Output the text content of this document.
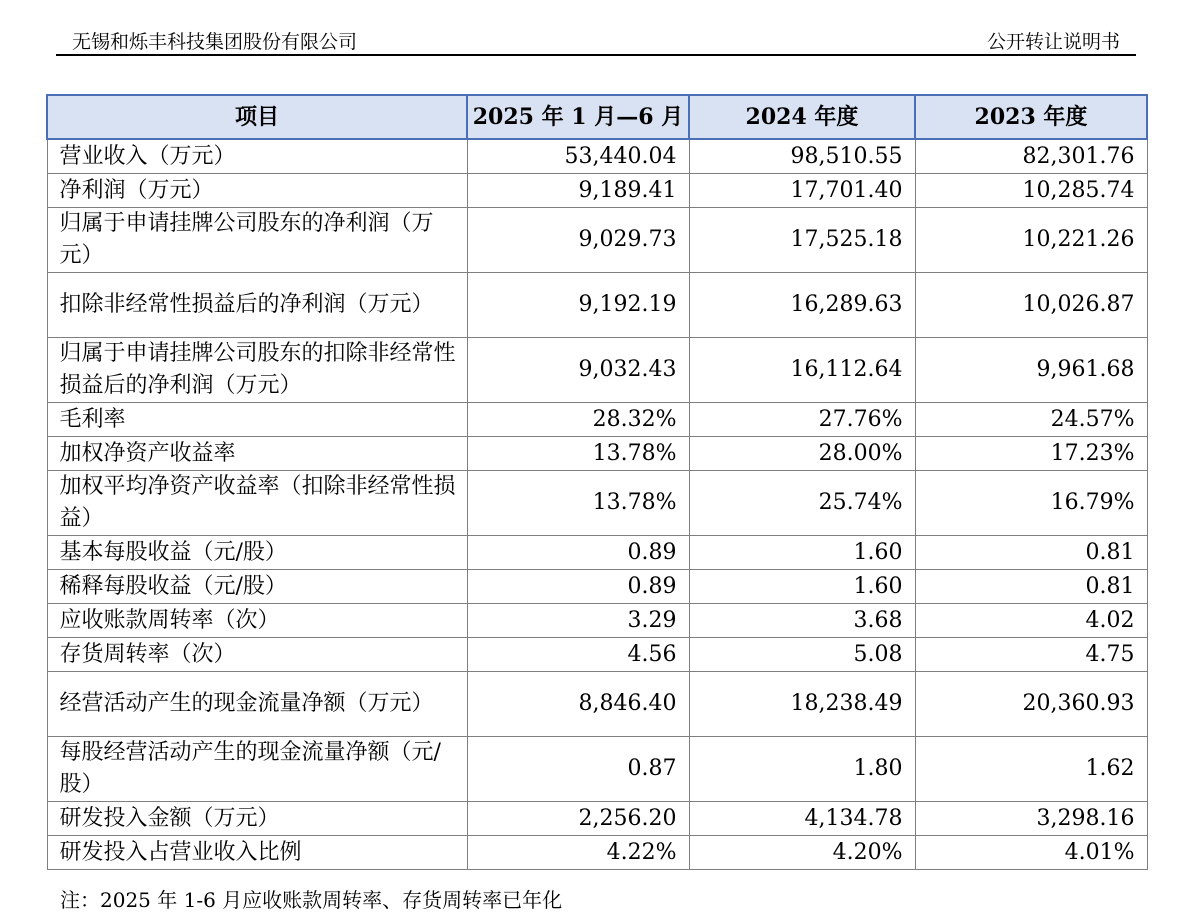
无锡和烁丰科技集团股份有限公司	公开转让说明书
项目	2025 年 1 月—6 月	2024 年度	2023 年度
营业收入（万元）	53,440.04	98,510.55	82,301.76
净利润（万元）	9,189.41	17,701.40	10,285.74
归属于申请挂牌公司股东的净利润（万元）	9,029.73	17,525.18	10,221.26
扣除非经常性损益后的净利润（万元）	9,192.19	16,289.63	10,026.87
归属于申请挂牌公司股东的扣除非经常性损益后的净利润（万元）	9,032.43	16,112.64	9,961.68
毛利率	28.32%	27.76%	24.57%
加权净资产收益率	13.78%	28.00%	17.23%
加权平均净资产收益率（扣除非经常性损益）	13.78%	25.74%	16.79%
基本每股收益（元/股）	0.89	1.60	0.81
稀释每股收益（元/股）	0.89	1.60	0.81
应收账款周转率（次）	3.29	3.68	4.02
存货周转率（次）	4.56	5.08	4.75
经营活动产生的现金流量净额（万元）	8,846.40	18,238.49	20,360.93
每股经营活动产生的现金流量净额（元/股）	0.87	1.80	1.62
研发投入金额（万元）	2,256.20	4,134.78	3,298.16
研发投入占营业收入比例	4.22%	4.20%	4.01%
注：2025 年 1-6 月应收账款周转率、存货周转率已年化
